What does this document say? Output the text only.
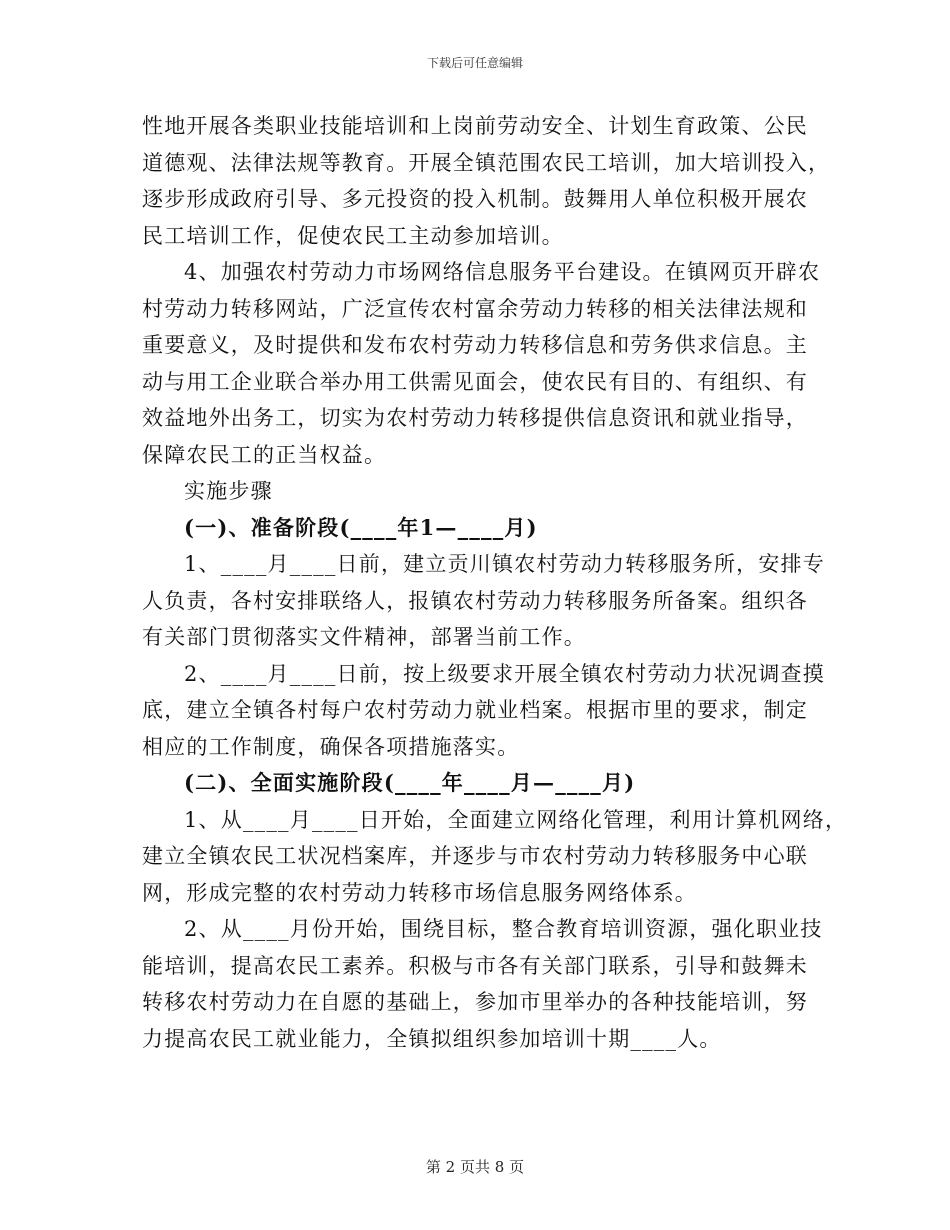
下载后可任意编辑
性地开展各类职业技能培训和上岗前劳动安全、计划生育政策、公民
道德观、法律法规等教育。开展全镇范围农民工培训，加大培训投入，
逐步形成政府引导、多元投资的投入机制。鼓舞用人单位积极开展农
民工培训工作，促使农民工主动参加培训。
4、加强农村劳动力市场网络信息服务平台建设。在镇网页开辟农
村劳动力转移网站，广泛宣传农村富余劳动力转移的相关法律法规和
重要意义，及时提供和发布农村劳动力转移信息和劳务供求信息。主
动与用工企业联合举办用工供需见面会，使农民有目的、有组织、有
效益地外出务工，切实为农村劳动力转移提供信息资讯和就业指导，
保障农民工的正当权益。
实施步骤
(一)、准备阶段(____年1—____月)
1、____月____日前，建立贡川镇农村劳动力转移服务所，安排专
人负责，各村安排联络人，报镇农村劳动力转移服务所备案。组织各
有关部门贯彻落实文件精神，部署当前工作。
2、____月____日前，按上级要求开展全镇农村劳动力状况调查摸
底，建立全镇各村每户农村劳动力就业档案。根据市里的要求，制定
相应的工作制度，确保各项措施落实。
(二)、全面实施阶段(____年____月—____月)
1、从____月____日开始，全面建立网络化管理，利用计算机网络，
建立全镇农民工状况档案库，并逐步与市农村劳动力转移服务中心联
网，形成完整的农村劳动力转移市场信息服务网络体系。
2、从____月份开始，围绕目标，整合教育培训资源，强化职业技
能培训，提高农民工素养。积极与市各有关部门联系，引导和鼓舞未
转移农村劳动力在自愿的基础上，参加市里举办的各种技能培训，努
力提高农民工就业能力，全镇拟组织参加培训十期____人。
第 2 页共 8 页
